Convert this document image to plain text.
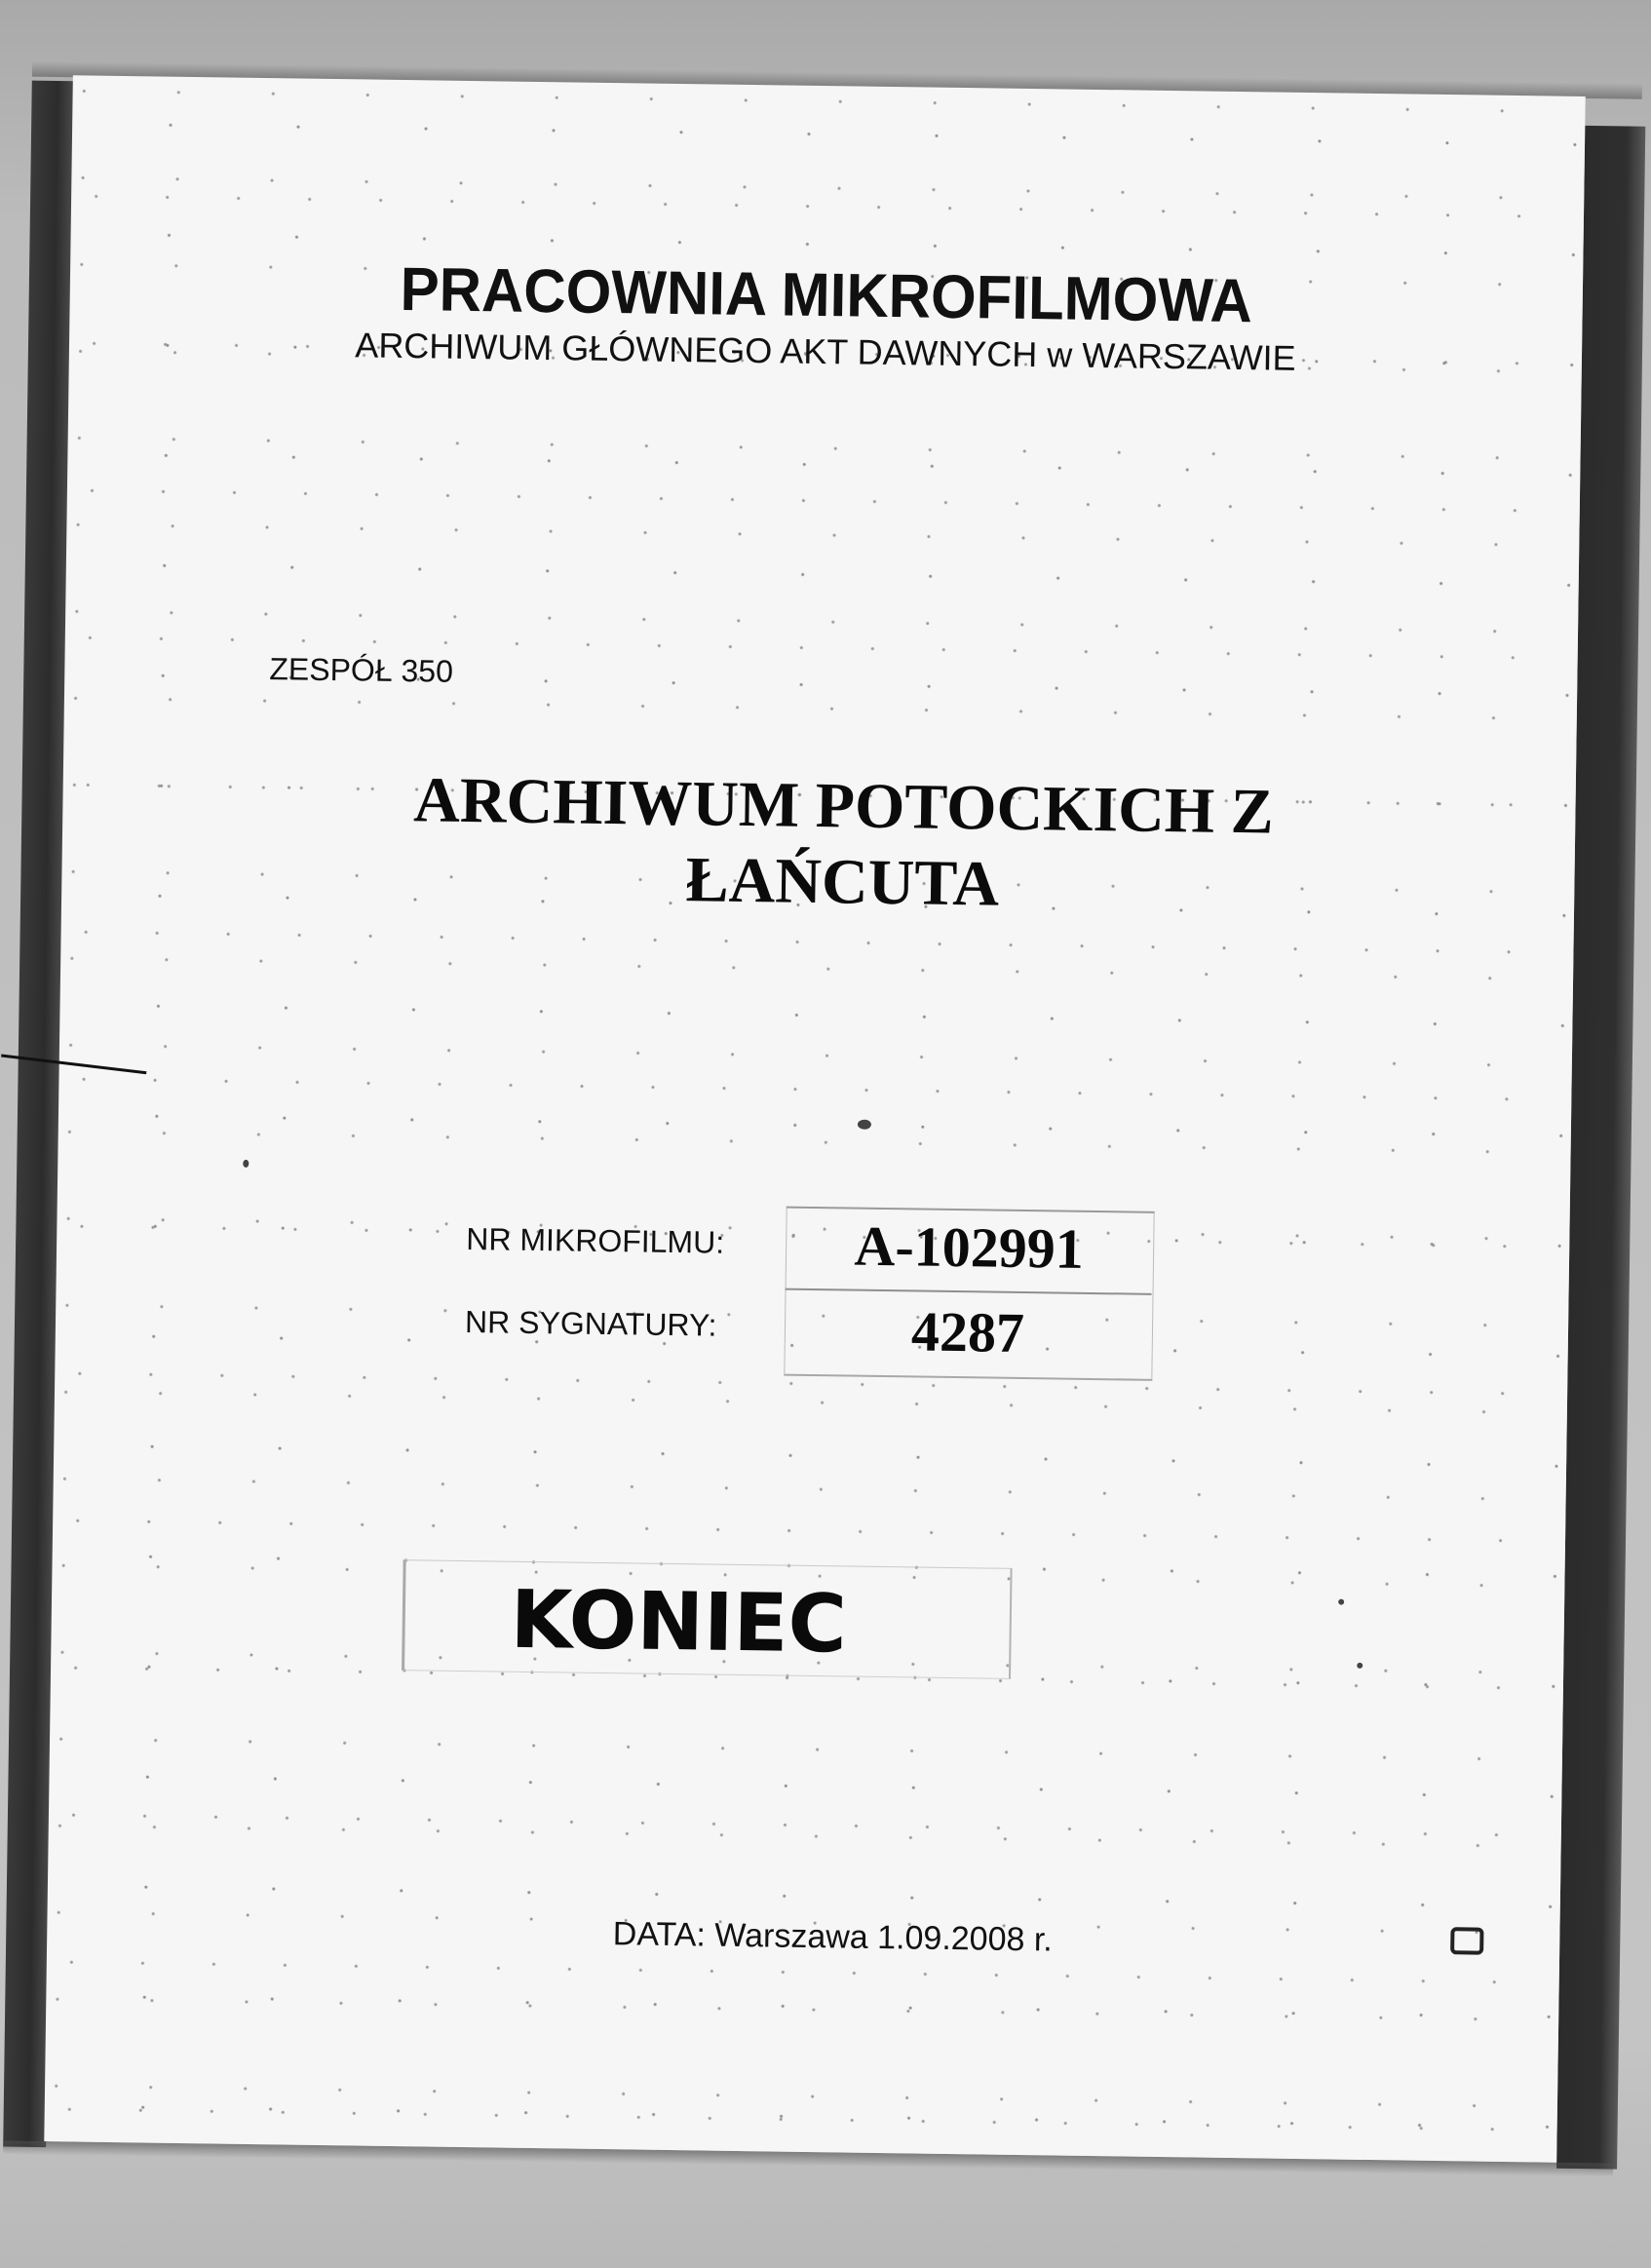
PRACOWNIA MIKROFILMOWA
ARCHIWUM GŁÓWNEGO AKT DAWNYCH w WARSZAWIE
ZESPÓŁ 350
ARCHIWUM POTOCKICH Z
ŁAŃCUTA
NR MIKROFILMU:	A-102991
NR SYGNATURY:	4287
KONIEC
DATA: Warszawa 1.09.2008 r.
